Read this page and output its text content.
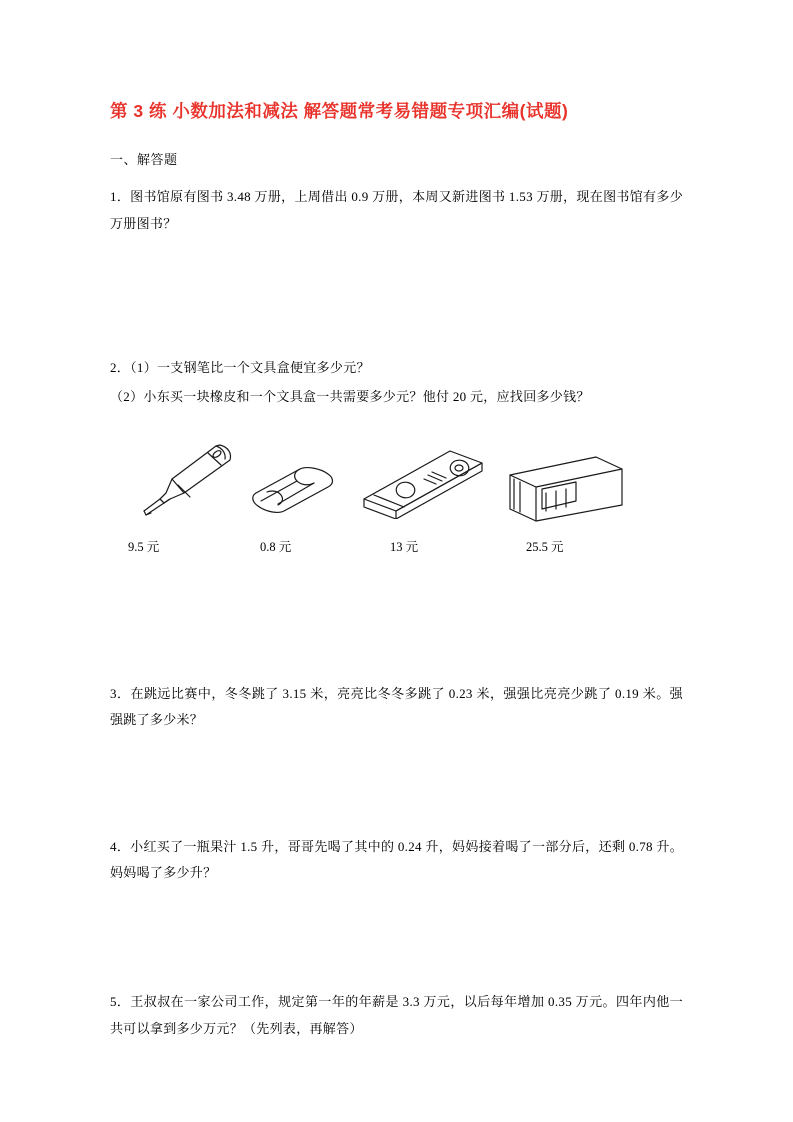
第 3 练 小数加法和减法 解答题常考易错题专项汇编(试题)
一、解答题
1．图书馆原有图书 3.48 万册，上周借出 0.9 万册，本周又新进图书 1.53 万册，现在图书馆有多少万册图书？
2．（1）一支钢笔比一个文具盒便宜多少元？
（2）小东买一块橡皮和一个文具盒一共需要多少元？他付 20 元，应找回多少钱？
9.5 元	0.8 元	13 元	25.5 元
3．在跳远比赛中，冬冬跳了 3.15 米，亮亮比冬冬多跳了 0.23 米，强强比亮亮少跳了 0.19 米。强强跳了多少米？
4．小红买了一瓶果汁 1.5 升，哥哥先喝了其中的 0.24 升，妈妈接着喝了一部分后，还剩 0.78 升。妈妈喝了多少升？
5．王叔叔在一家公司工作，规定第一年的年薪是 3.3 万元，以后每年增加 0.35 万元。四年内他一共可以拿到多少万元？（先列表，再解答）
